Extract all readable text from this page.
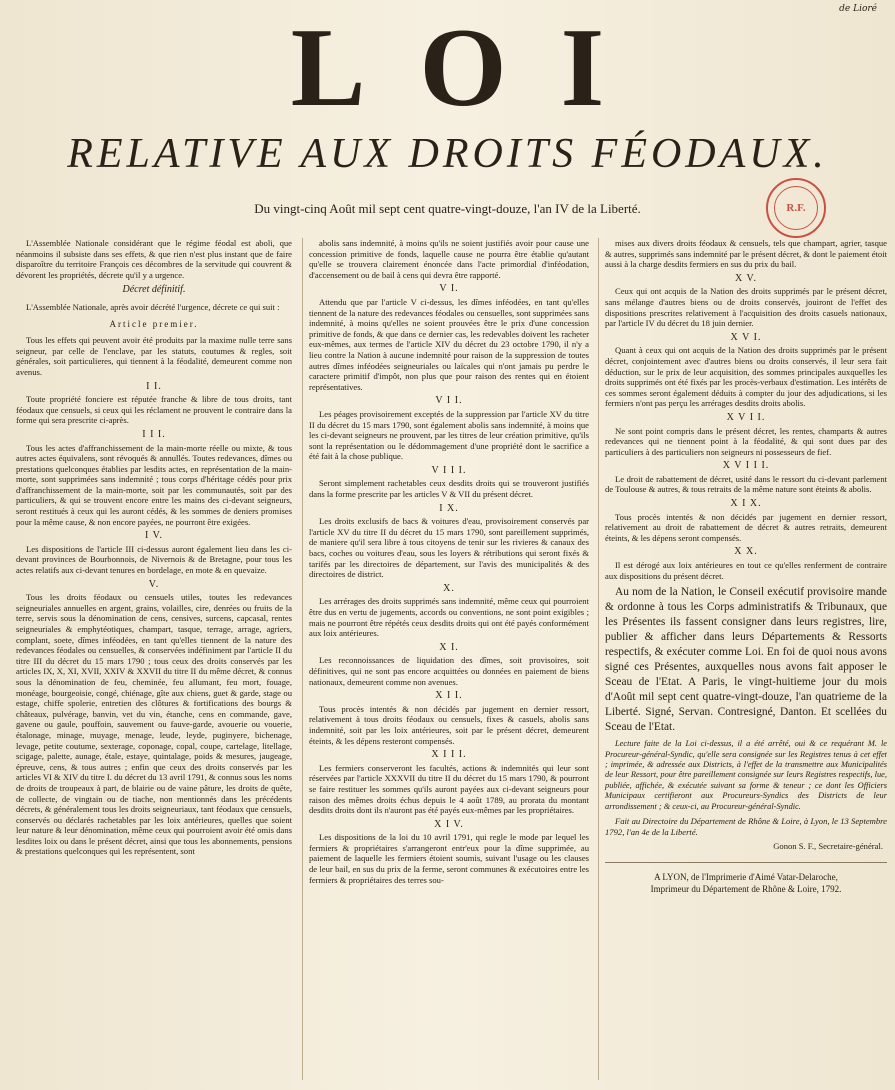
de Lioré
LOI
RELATIVE AUX DROITS FÉODAUX.
Du vingt-cinq Août mil sept cent quatre-vingt-douze, l'an IV de la Liberté.	R.F.

L'Assemblée Nationale considérant que le régime féodal est aboli, que néanmoins il subsiste dans ses effets, & que rien n'est plus instant que de faire disparoître du territoire François ces décombres de la servitude qui couvrent & dévorent les propriétés, décrete qu'il y a urgence.

Décret définitif.

L'Assemblée Nationale, après avoir décrété l'urgence, décrete ce qui suit :

Article premier.

Tous les effets qui peuvent avoir été produits par la maxime nulle terre sans seigneur, par celle de l'enclave, par les statuts, coutumes & regles, soit générales, soit particulieres, qui tiennent à la féodalité, demeurent comme non avenus.

I I.

Toute propriété fonciere est réputée franche & libre de tous droits, tant féodaux que censuels, si ceux qui les réclament ne prouvent le contraire dans la forme qui sera prescrite ci-après.

I I I.

Tous les actes d'affranchissement de la main-morte réelle ou mixte, & tous autres actes équivalens, sont révoqués & annullés. Toutes redevances, dîmes ou prestations quelconques établies par lesdits actes, en représentation de la main-morte, sont supprimées sans indemnité ; tous corps d'héritage cédés pour prix d'affranchissement de la main-morte, soit par les communautés, soit par des particuliers, & qui se trouvent encore entre les mains des ci-devant seigneurs, seront restitués à ceux qui les auront cédés, & les sommes de deniers promises pour la même cause, & non encore payées, ne pourront être exigées.

I V.

Les dispositions de l'article III ci-dessus auront également lieu dans les ci-devant provinces de Bourbonnois, de Nivernois & de Bretagne, pour tous les actes relatifs aux ci-devant tenures en bordelage, en mote & en quevaize.

V.

Tous les droits féodaux ou censuels utiles, toutes les redevances seigneuriales annuelles en argent, grains, volailles, cire, denrées ou fruits de la terre, servis sous la dénomination de cens, censives, surcens, capcasal, rentes seigneuriales & emphytéotiques, champart, tasque, terrage, arrage, agriers, complant, soete, dîmes inféodées, en tant qu'elles tiennent de la nature des redevances féodales ou censuelles, & conservées indéfiniment par l'article II du titre III du décret du 15 mars 1790 ; tous ceux des droits conservés par les articles IX, X, XI, XVII, XXIV & XXVII du titre II du même décret, & connus sous la dénomination de feu, cheminée, feu allumant, feu mort, fouage, monéage, bourgeoisie, congé, chiénage, gîte aux chiens, guet & garde, stage ou estage, chiffe spolerie, entretien des clôtures & fortifications des bourgs & châteaux, pulvérage, banvin, vet du vin, étanche, cens en commande, gave, gavene ou gaule, pouffoin, sauvement ou fauve-garde, avouerie ou vouerie, étalonage, minage, muyage, menage, leude, leyde, puginyere, bichenage, levage, petite coutume, sexterage, coponage, copal, coupe, cartelage, litellage, scigage, palette, aunage, étale, estaye, quintalage, poids & mesures, jaugeage, épreuve, cens, & tous autres ; enfin que ceux des droits conservés par les articles VI & XIV du titre I. du décret du 13 avril 1791, & connus sous les noms de droits de troupeaux à part, de blairie ou de vaine pâture, les droits de quête, de collecte, de vingtain ou de tiache, non mentionnés dans les précédents décrets, & généralement tous les droits seigneuriaux, tant féodaux que censuels, conservés ou déclarés rachetables par les loix antérieures, quelles que soient leur nature & leur dénomination, même ceux qui pourroient avoir été omis dans lesdites loix ou dans le présent décret, ainsi que tous les abonnements, pensions & prestations quelconques qui les représentent, sont

abolis sans indemnité, à moins qu'ils ne soient justifiés avoir pour cause une concession primitive de fonds, laquelle cause ne pourra être établie qu'autant qu'elle se trouvera clairement énoncée dans l'acte primordial d'inféodation, d'accensement ou de bail à cens qui devra être rapporté.

V I.

Attendu que par l'article V ci-dessus, les dîmes inféodées, en tant qu'elles tiennent de la nature des redevances féodales ou censuelles, sont supprimées sans indemnité, à moins qu'elles ne soient prouvées être le prix d'une concession primitive de fonds, & que dans ce dernier cas, les redevables doivent les racheter eux-mêmes, aux termes de l'article XIV du décret du 23 octobre 1790, il n'y a lieu contre la Nation à aucune indemnité pour raison de la suppression de toutes autres dîmes inféodées seigneuriales ou laïcales qui n'ont jamais pu perdre le caractere primitif d'impôt, non plus que pour raison des rentes qui en étoient représentatives.

V I I.

Les péages provisoirement exceptés de la suppression par l'article XV du titre II du décret du 15 mars 1790, sont également abolis sans indemnité, à moins que les ci-devant seigneurs ne prouvent, par les titres de leur création primitive, qu'ils sont la représentation ou le dédommagement d'une propriété dont le sacrifice a été fait à la chose publique.

V I I I.

Seront simplement rachetables ceux desdits droits qui se trouveront justifiés dans la forme prescrite par les articles V & VII du présent décret.

I X.

Les droits exclusifs de bacs & voitures d'eau, provisoirement conservés par l'article XV du titre II du décret du 15 mars 1790, sont pareillement supprimés, de maniere qu'il sera libre à tous citoyens de tenir sur les rivieres & canaux des bacs, coches ou voitures d'eau, sous les loyers & rétributions qui seront fixés & tarifés par les directoires de département, sur l'avis des municipalités & des directoires de district.

X.

Les arrérages des droits supprimés sans indemnité, même ceux qui pourroient être dus en vertu de jugements, accords ou conventions, ne sont point exigibles ; mais ne pourront être répétés ceux desdits droits qui ont été payés conformément aux loix antérieures.

X I.

Les reconnoissances de liquidation des dîmes, soit provisoires, soit définitives, qui ne sont pas encore acquittées ou données en paiement de biens nationaux, demeurent comme non avenues.

X I I.

Tous procès intentés & non décidés par jugement en dernier ressort, relativement à tous droits féodaux ou censuels, fixes & casuels, abolis sans indemnité, soit par les loix antérieures, soit par le présent décret, demeurent éteints, & les dépens resteront compensés.

X I I I.

Les fermiers conserveront les facultés, actions & indemnités qui leur sont réservées par l'article XXXVII du titre II du décret du 15 mars 1790, & pourront se faire restituer les sommes qu'ils auront payées aux ci-devant seigneurs pour raison des mêmes droits échus depuis le 4 août 1789, au prorata du montant desdits droits dont ils n'auront pas été payés eux-mêmes par les propriétaires.

X I V.

Les dispositions de la loi du 10 avril 1791, qui regle le mode par lequel les fermiers & propriétaires s'arrangeront entr'eux pour la dîme supprimée, au paiement de laquelle les fermiers étoient soumis, suivant l'usage ou les clauses de leur bail, en sus du prix de la ferme, seront communes & exécutoires entre les fermiers & propriétaires des terres sou-

mises aux divers droits féodaux & censuels, tels que champart, agrier, tasque & autres, supprimés sans indemnité par le présent décret, & dont le paiement étoit aussi à la charge desdits fermiers en sus du prix du bail.

X V.

Ceux qui ont acquis de la Nation des droits supprimés par le présent décret, sans mélange d'autres biens ou de droits conservés, jouiront de l'effet des dispositions prescrites relativement à l'acquisition des droits casuels nationaux, par l'article IV du décret du 18 juin dernier.

X V I.

Quant à ceux qui ont acquis de la Nation des droits supprimés par le présent décret, conjointement avec d'autres biens ou droits conservés, il leur sera fait déduction, sur le prix de leur acquisition, des sommes principales auxquelles les droits supprimés ont été fixés par les procès-verbaux d'estimation. Les intérêts de ces sommes seront également déduits à compter du jour des adjudications, si les fermiers n'ont pas perçu les arrérages desdits droits abolis.

X V I I.

Ne sont point compris dans le présent décret, les rentes, champarts & autres redevances qui ne tiennent point à la féodalité, & qui sont dues par des particuliers à des particuliers non seigneurs ni possesseurs de fief.

X V I I I.

Le droit de rabattement de décret, usité dans le ressort du ci-devant parlement de Toulouse & autres, & tous retraits de la même nature sont éteints & abolis.

X I X.

Tous procès intentés & non décidés par jugement en dernier ressort, relativement au droit de rabattement de décret & autres retraits, demeurent éteints, & les dépens seront compensés.

X X.

Il est dérogé aux loix antérieures en tout ce qu'elles renferment de contraire aux dispositions du présent décret.

Au nom de la Nation, le Conseil exécutif provisoire mande & ordonne à tous les Corps administratifs & Tribunaux, que les Présentes ils fassent consigner dans leurs registres, lire, publier & afficher dans leurs Départements & Ressorts respectifs, & exécuter comme Loi. En foi de quoi nous avons signé ces Présentes, auxquelles nous avons fait apposer le Sceau de l'Etat. A Paris, le vingt-huitieme jour du mois d'Août mil sept cent quatre-vingt-douze, l'an quatrieme de la Liberté. Signé, Servan. Contresigné, Danton. Et scellées du Sceau de l'Etat.

Lecture faite de la Loi ci-dessus, il a été arrêté, oui & ce requérant M. le Procureur-général-Syndic, qu'elle sera consignée sur les Registres tenus à cet effet ; imprimée, & adressée aux Districts, à l'effet de la transmettre aux Municipalités de leur Ressort, pour être pareillement consignée sur leurs Registres respectifs, lue, publiée, affichée, & exécutée suivant sa forme & teneur ; ce dont les Officiers Municipaux certifieront aux Procureurs-Syndics des Districts de leur arrondissement ; & ceux-ci, au Procureur-général-Syndic.

Fait au Directoire du Département de Rhône & Loire, à Lyon, le 13 Septembre 1792, l'an 4e de la Liberté.

Gonon S. F., Secretaire-général.
A LYON, de l'Imprimerie d'Aimé Vatar-Delaroche,
Imprimeur du Département de Rhône & Loire, 1792.
